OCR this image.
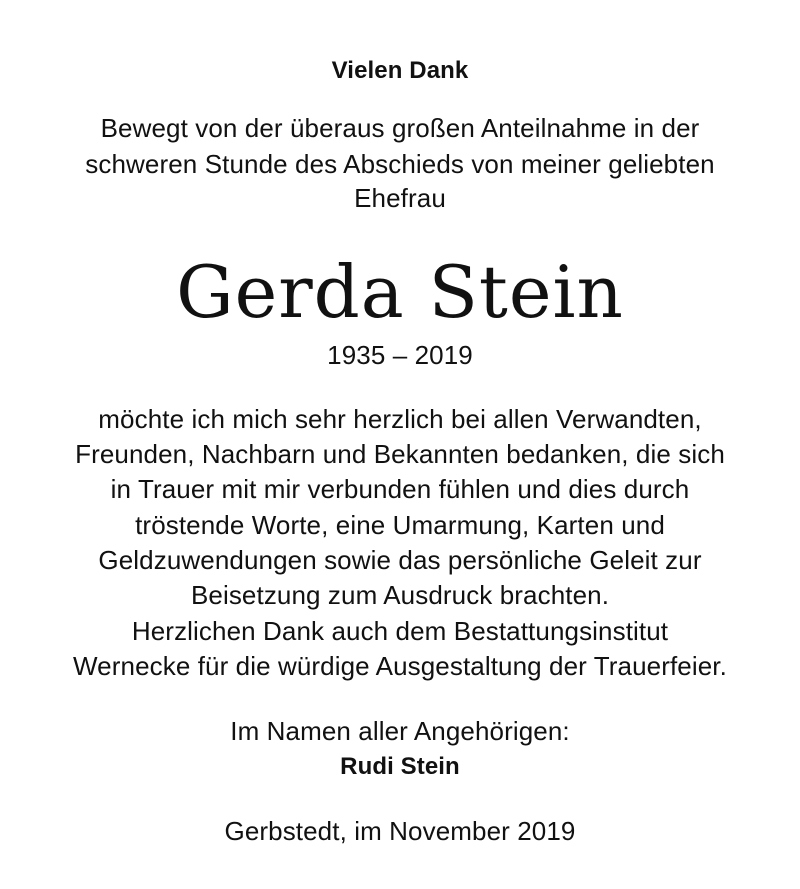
Vielen Dank
Bewegt von der überaus großen Anteilnahme in der
schweren Stunde des Abschieds von meiner geliebten
Ehefrau
Gerda Stein
1935 – 2019
möchte ich mich sehr herzlich bei allen Verwandten,
Freunden, Nachbarn und Bekannten bedanken, die sich
in Trauer mit mir verbunden fühlen und dies durch
tröstende Worte, eine Umarmung, Karten und
Geldzuwendungen sowie das persönliche Geleit zur
Beisetzung zum Ausdruck brachten.
Herzlichen Dank auch dem Bestattungsinstitut
Wernecke für die würdige Ausgestaltung der Trauerfeier.
Im Namen aller Angehörigen:
Rudi Stein
Gerbstedt, im November 2019
